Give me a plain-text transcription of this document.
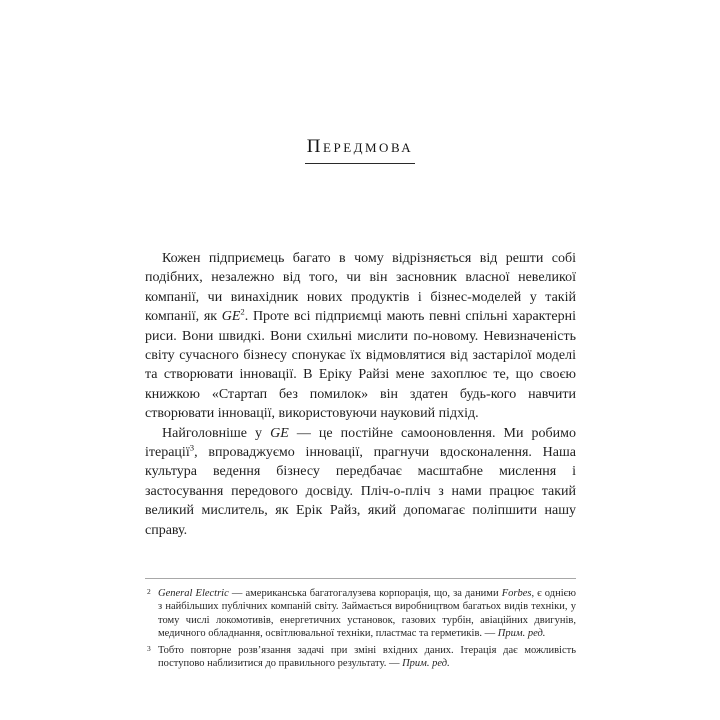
Передмова

Кожен підприємець багато в чому відрізняється від решти собі подібних, незалежно від того, чи він засновник власної невеликої компанії, чи винахідник нових продуктів і бізнес-моделей у такій компанії, як $GE^2$. Проте всі підприємці мають певні спільні характерні риси. Вони швидкі. Вони схильні мислити по-новому. Невизначеність світу сучасного бізнесу спонукає їх відмовлятися від застарілої моделі та створювати інновації. В Еріку Райзі мене захоплює те, що своєю книжкою «Стартап без помилок» він здатен будь-кого навчити створювати інновації, використовуючи науковий підхід.

Найголовніше у GE — це постійне самооновлення. Ми робимо ітерації$^3$, впроваджуємо інновації, прагнучи вдосконалення. Наша культура ведення бізнесу передбачає масштабне мислення і застосування передового досвіду. Пліч-о-пліч з нами працює такий великий мислитель, як Ерік Райз, який допомагає поліпшити нашу справу.

2 General Electric — американська багатогалузева корпорація, що, за даними Forbes, є однією з найбільших публічних компаній світу. Займається виробництвом багатьох видів техніки, у тому числі локомотивів, енергетичних установок, газових турбін, авіаційних двигунів, медичного обладнання, освітлювальної техніки, пластмас та герметиків. — Прим. ред.
3 Тобто повторне розв’язання задачі при зміні вхідних даних. Ітерація дає можливість поступово наблизитися до правильного результату. — Прим. ред.
